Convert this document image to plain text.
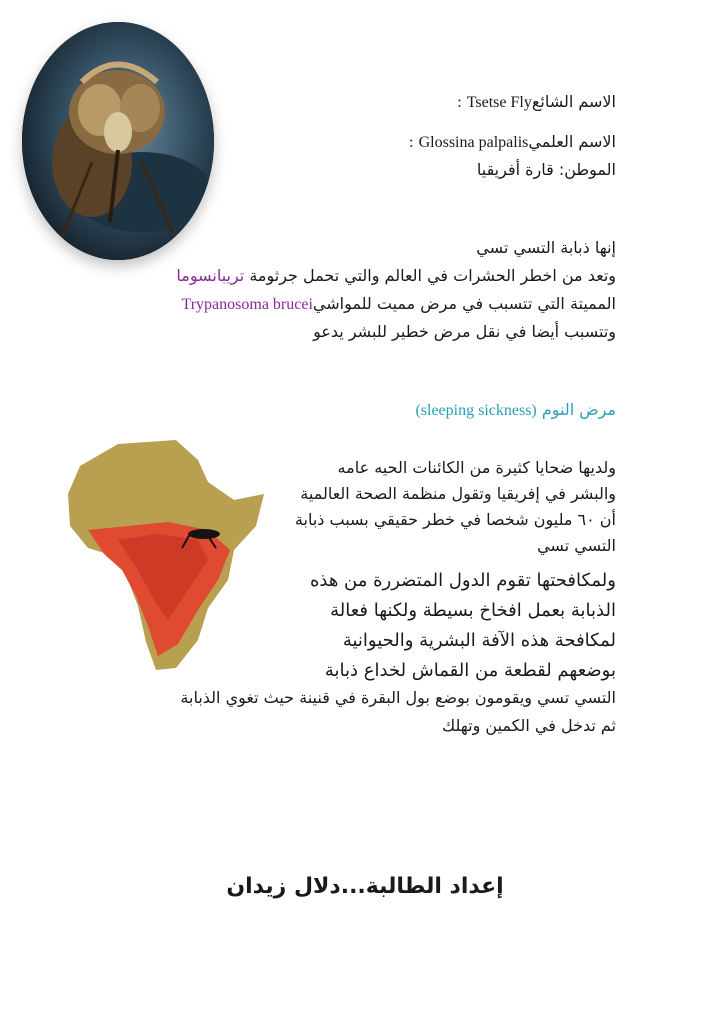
الاسم الشائعTsetse Fly :
الاسم العلميGlossina palpalis :
الموطن: قارة أفريقيا
إنها ذبابة التسي تسي
وتعد من اخطر الحشرات في العالم والتي تحمل جرثومة تريبانسوما
Trypanosoma bruceiالمميتة التي تتسبب في مرض مميت للمواشي
وتتسبب أيضا في نقل مرض خطير للبشر يدعو
مرض النوم (sleeping sickness)
ولديها ضحايا كثيرة من الكائنات الحيه عامه
والبشر في إفريقيا وتقول منظمة الصحة العالمية
أن ٦٠ مليون شخصا في خطر حقيقي بسبب ذبابة
التسي تسي
ولمكافحتها تقوم الدول المتضررة من هذه
الذبابة بعمل افخاخ بسيطة ولكنها فعالة
لمكافحة هذه الآفة البشرية والحيوانية
بوضعهم لقطعة من القماش لخداع ذبابة
التسي تسي ويقومون بوضع بول البقرة في قنينة حيث تغوي الذبابة
ثم تدخل في الكمين وتهلك
إعداد الطالبة...دلال زيدان
